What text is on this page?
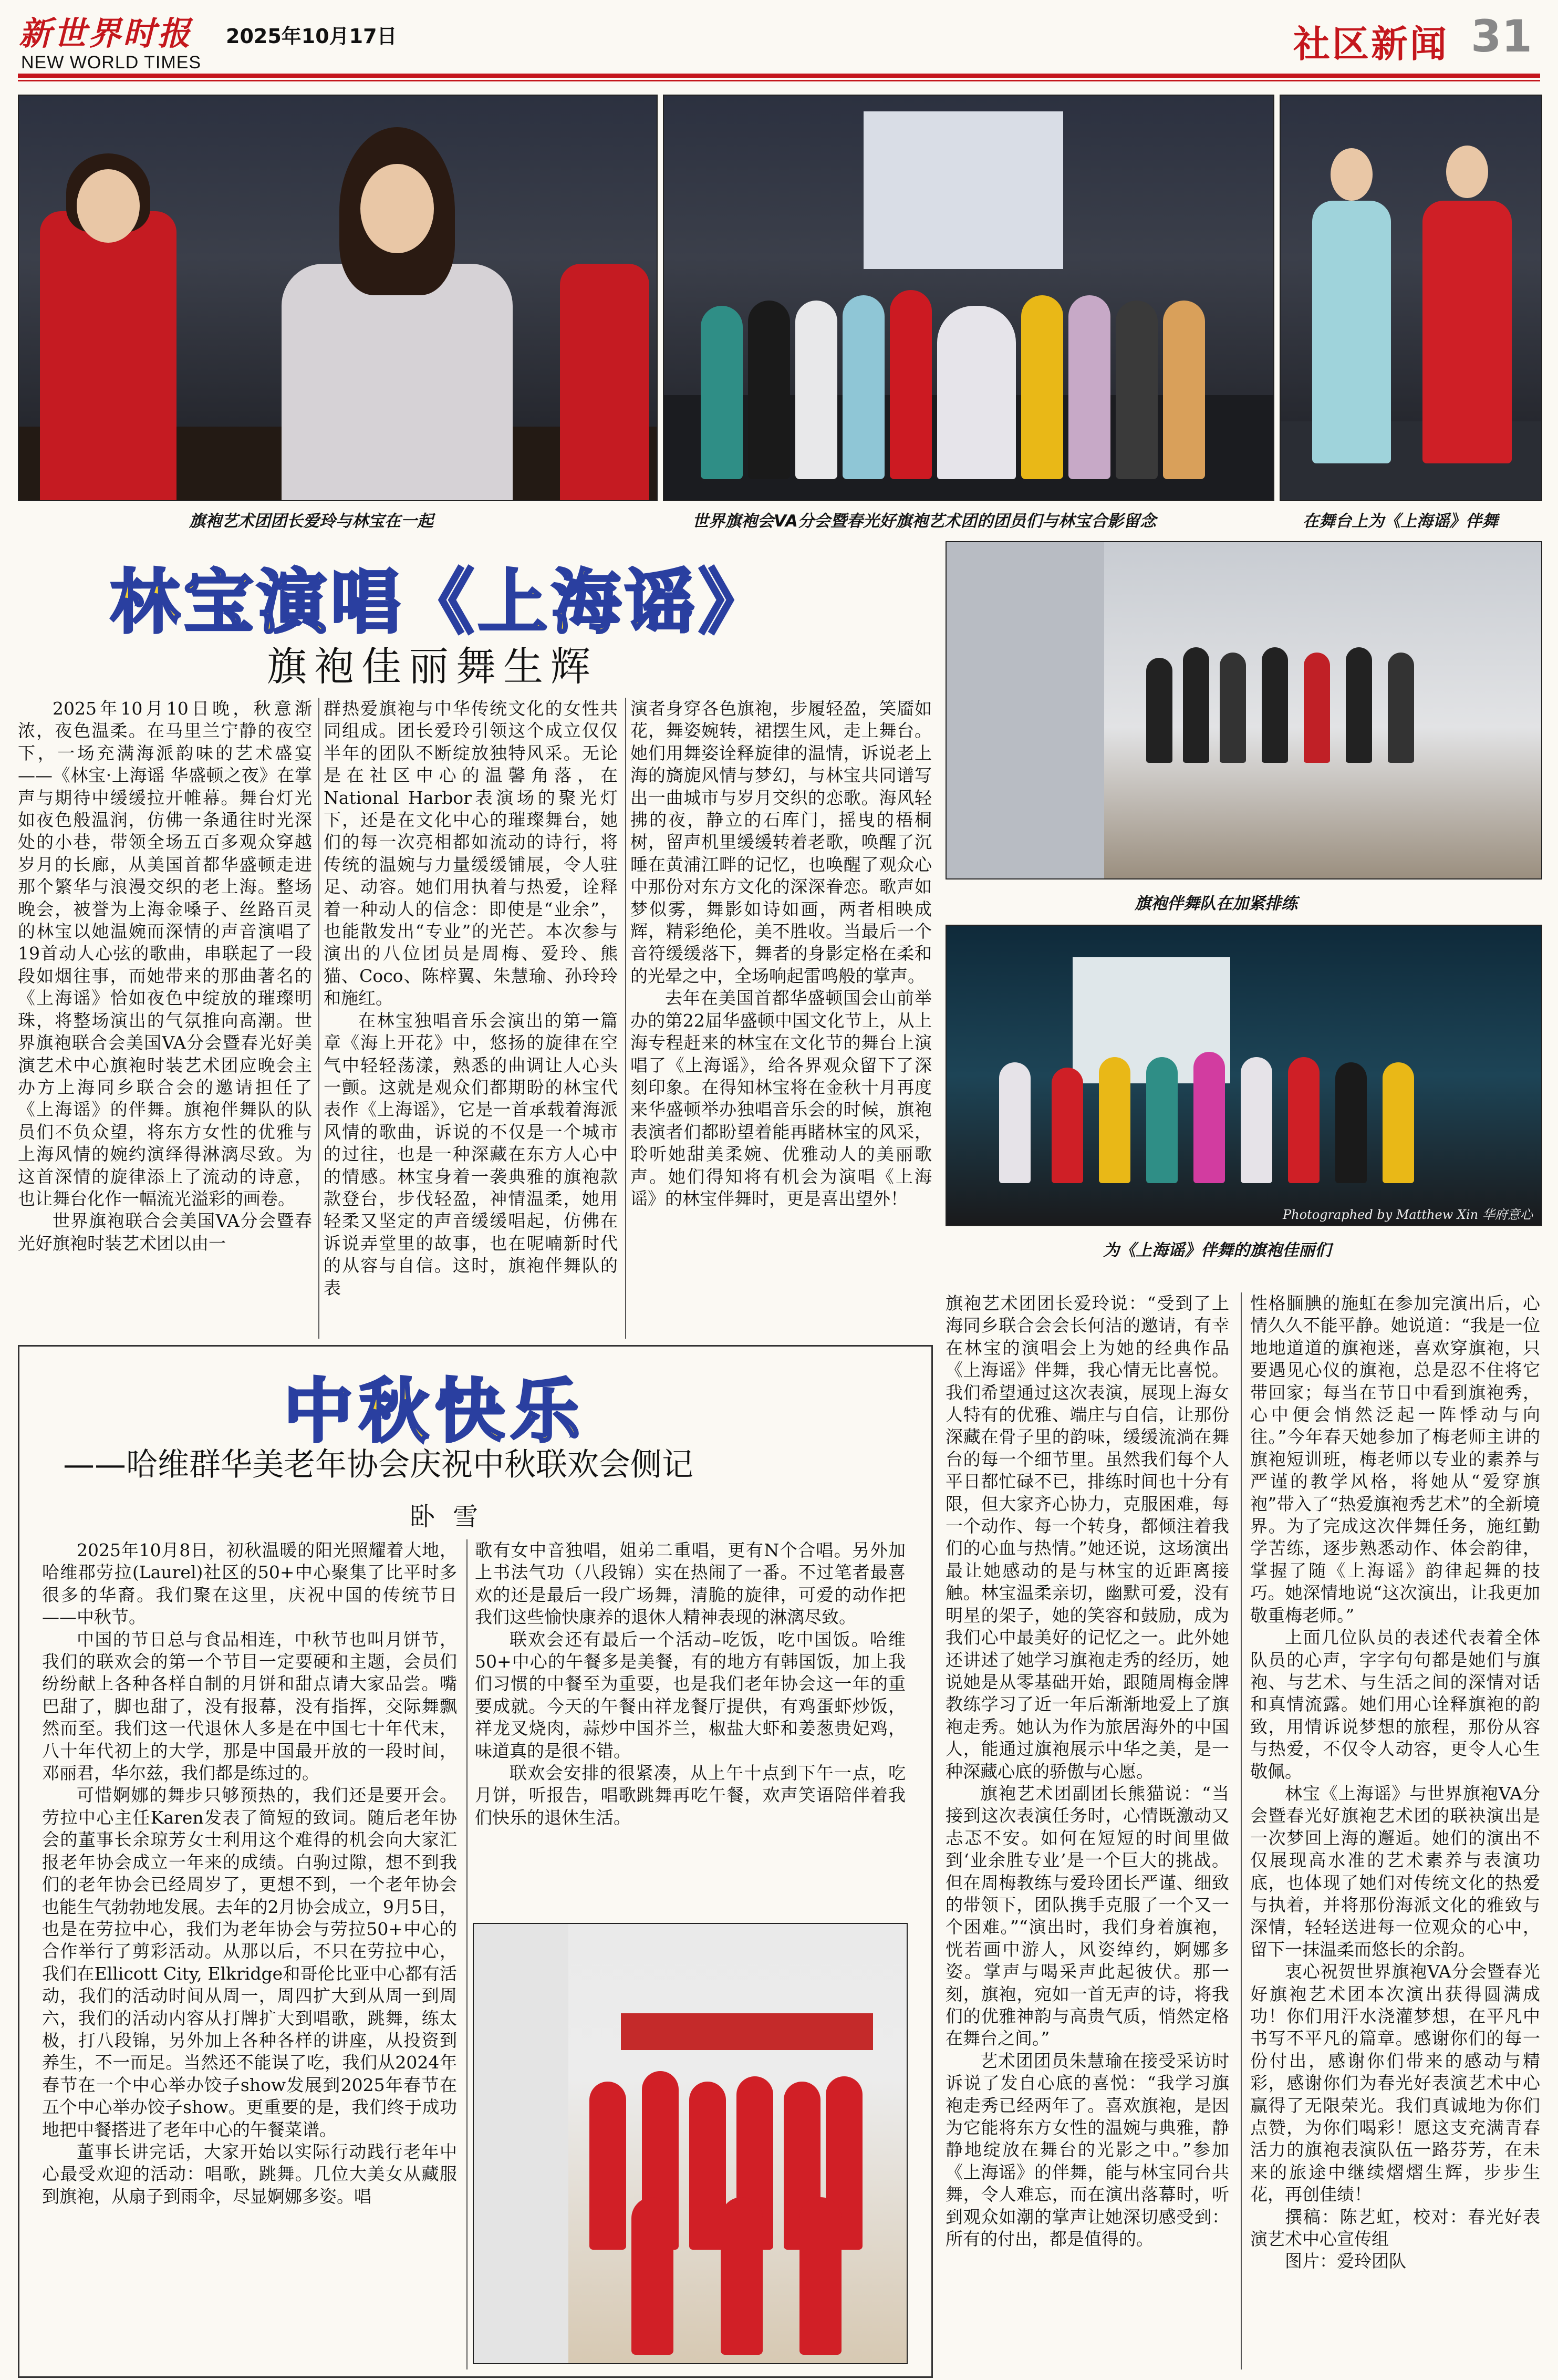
新世界时报 2025年10月17日
NEW WORLD TIMES	社区新闻 31
旗袍艺术团团长爱玲与林宝在一起	世界旗袍会VA分会暨春光好旗袍艺术团的团员们与林宝合影留念	在舞台上为《上海谣》伴舞
林宝演唱《上海谣》
旗袍佳丽舞生辉

2025年10月10日晚，秋意渐浓，夜色温柔。在马里兰宁静的夜空下，一场充满海派韵味的艺术盛宴——《林宝·上海谣 华盛顿之夜》在掌声与期待中缓缓拉开帷幕。舞台灯光如夜色般温润，仿佛一条通往时光深处的小巷，带领全场五百多观众穿越岁月的长廊，从美国首都华盛顿走进那个繁华与浪漫交织的老上海。整场晚会，被誉为上海金嗓子、丝路百灵的林宝以她温婉而深情的声音演唱了19首动人心弦的歌曲，串联起了一段段如烟往事，而她带来的那曲著名的《上海谣》恰如夜色中绽放的璀璨明珠，将整场演出的气氛推向高潮。世界旗袍联合会美国VA分会暨春光好美演艺术中心旗袍时装艺术团应晚会主办方上海同乡联合会的邀请担任了《上海谣》的伴舞。旗袍伴舞队的队员们不负众望，将东方女性的优雅与上海风情的婉约演绎得淋漓尽致。为这首深情的旋律添上了流动的诗意，也让舞台化作一幅流光溢彩的画卷。

世界旗袍联合会美国VA分会暨春光好旗袍时装艺术团以由一

群热爱旗袍与中华传统文化的女性共同组成。团长爱玲引领这个成立仅仅半年的团队不断绽放独特风采。无论是在社区中心的温馨角落，在National Harbor表演场的聚光灯下，还是在文化中心的璀璨舞台，她们的每一次亮相都如流动的诗行，将传统的温婉与力量缓缓铺展，令人驻足、动容。她们用执着与热爱，诠释着一种动人的信念：即使是“业余”，也能散发出“专业”的光芒。本次参与演出的八位团员是周梅、爱玲、熊猫、Coco、陈梓翼、朱慧瑜、孙玲玲和施红。

在林宝独唱音乐会演出的第一篇章《海上开花》中，悠扬的旋律在空气中轻轻荡漾，熟悉的曲调让人心头一颤。这就是观众们都期盼的林宝代表作《上海谣》，它是一首承载着海派风情的歌曲，诉说的不仅是一个城市的过往，也是一种深藏在东方人心中的情感。林宝身着一袭典雅的旗袍款款登台，步伐轻盈，神情温柔，她用轻柔又坚定的声音缓缓唱起，仿佛在诉说弄堂里的故事，也在呢喃新时代的从容与自信。这时，旗袍伴舞队的表

演者身穿各色旗袍，步履轻盈，笑靥如花，舞姿婉转，裙摆生风，走上舞台。她们用舞姿诠释旋律的温情，诉说老上海的旖旎风情与梦幻，与林宝共同谱写出一曲城市与岁月交织的恋歌。海风轻拂的夜，静立的石库门，摇曳的梧桐树，留声机里缓缓转着老歌，唤醒了沉睡在黄浦江畔的记忆，也唤醒了观众心中那份对东方文化的深深眷恋。歌声如梦似雾，舞影如诗如画，两者相映成辉，精彩绝伦，美不胜收。当最后一个音符缓缓落下，舞者的身影定格在柔和的光晕之中，全场响起雷鸣般的掌声。

去年在美国首都华盛顿国会山前举办的第22届华盛顿中国文化节上，从上海专程赶来的林宝在文化节的舞台上演唱了《上海谣》，给各界观众留下了深刻印象。在得知林宝将在金秋十月再度来华盛顿举办独唱音乐会的时候，旗袍表演者们都盼望着能再睹林宝的风采，聆听她甜美柔婉、优雅动人的美丽歌声。她们得知将有机会为演唱《上海谣》的林宝伴舞时，更是喜出望外！

旗袍伴舞队在加紧排练
Photographed by Matthew Xin 华府意心
为《上海谣》伴舞的旗袍佳丽们

旗袍艺术团团长爱玲说：“受到了上海同乡联合会会长何洁的邀请，有幸在林宝的演唱会上为她的经典作品《上海谣》伴舞，我心情无比喜悦。我们希望通过这次表演，展现上海女人特有的优雅、端庄与自信，让那份深藏在骨子里的韵味，缓缓流淌在舞台的每一个细节里。虽然我们每个人平日都忙碌不已，排练时间也十分有限，但大家齐心协力，克服困难，每一个动作、每一个转身，都倾注着我们的心血与热情。”她还说，这场演出最让她感动的是与林宝的近距离接触。林宝温柔亲切，幽默可爱，没有明星的架子，她的笑容和鼓励，成为我们心中最美好的记忆之一。此外她还讲述了她学习旗袍走秀的经历，她说她是从零基础开始，跟随周梅金牌教练学习了近一年后渐渐地爱上了旗袍走秀。她认为作为旅居海外的中国人，能通过旗袍展示中华之美，是一种深藏心底的骄傲与心愿。

旗袍艺术团副团长熊猫说：“当接到这次表演任务时，心情既激动又忐忑不安。如何在短短的时间里做到‘业余胜专业’是一个巨大的挑战。但在周梅教练与爱玲团长严谨、细致的带领下，团队携手克服了一个又一个困难。”“演出时，我们身着旗袍，恍若画中游人，风姿绰约，婀娜多姿。掌声与喝采声此起彼伏。那一刻，旗袍，宛如一首无声的诗，将我们的优雅神韵与高贵气质，悄然定格在舞台之间。”

艺术团团员朱慧瑜在接受采访时诉说了发自心底的喜悦：“我学习旗袍走秀已经两年了。喜欢旗袍，是因为它能将东方女性的温婉与典雅，静静地绽放在舞台的光影之中。”参加《上海谣》的伴舞，能与林宝同台共舞，令人难忘，而在演出落幕时，听到观众如潮的掌声让她深切感受到：所有的付出，都是值得的。

性格腼腆的施虹在参加完演出后，心情久久不能平静。她说道：“我是一位地地道道的旗袍迷，喜欢穿旗袍，只要遇见心仪的旗袍，总是忍不住将它带回家；每当在节日中看到旗袍秀，心中便会悄然泛起一阵悸动与向往。”今年春天她参加了梅老师主讲的旗袍短训班，梅老师以专业的素养与严谨的教学风格，将她从“爱穿旗袍”带入了“热爱旗袍秀艺术”的全新境界。为了完成这次伴舞任务，施红勤学苦练，逐步熟悉动作、体会韵律，掌握了随《上海谣》韵律起舞的技巧。她深情地说“这次演出，让我更加敬重梅老师。”

上面几位队员的表述代表着全体队员的心声，字字句句都是她们与旗袍、与艺术、与生活之间的深情对话和真情流露。她们用心诠释旗袍的韵致，用情诉说梦想的旅程，那份从容与热爱，不仅令人动容，更令人心生敬佩。

林宝《上海谣》与世界旗袍VA分会暨春光好旗袍艺术团的联袂演出是一次梦回上海的邂逅。她们的演出不仅展现高水准的艺术素养与表演功底，也体现了她们对传统文化的热爱与执着，并将那份海派文化的雅致与深情，轻轻送进每一位观众的心中，留下一抹温柔而悠长的余韵。

衷心祝贺世界旗袍VA分会暨春光好旗袍艺术团本次演出获得圆满成功！你们用汗水浇灌梦想，在平凡中书写不平凡的篇章。感谢你们的每一份付出，感谢你们带来的感动与精彩，感谢你们为春光好表演艺术中心赢得了无限荣光。我们真诚地为你们点赞，为你们喝彩！愿这支充满青春活力的旗袍表演队伍一路芬芳，在未来的旅途中继续熠熠生辉，步步生花，再创佳绩！

撰稿：陈艺虹，校对：春光好表演艺术中心宣传组

图片：爱玲团队

中秋快乐
——哈维群华美老年协会庆祝中秋联欢会侧记
卧雪

2025年10月8日，初秋温暖的阳光照耀着大地，哈维郡劳拉(Laurel)社区的50+中心聚集了比平时多很多的华裔。我们聚在这里，庆祝中国的传统节日——中秋节。

中国的节日总与食品相连，中秋节也叫月饼节，我们的联欢会的第一个节目一定要硬和主题，会员们纷纷献上各种各样自制的月饼和甜点请大家品尝。嘴巴甜了，脚也甜了，没有报幕，没有指挥，交际舞飘然而至。我们这一代退休人多是在中国七十年代末，八十年代初上的大学，那是中国最开放的一段时间，邓丽君，华尔兹，我们都是练过的。

可惜婀娜的舞步只够预热的，我们还是要开会。劳拉中心主任Karen发表了简短的致词。随后老年协会的董事长余琼芳女士利用这个难得的机会向大家汇报老年协会成立一年来的成绩。白驹过隙，想不到我们的老年协会已经周岁了，更想不到，一个老年协会也能生气勃勃地发展。去年的2月协会成立，9月5日，也是在劳拉中心，我们为老年协会与劳拉50+中心的合作举行了剪彩活动。从那以后，不只在劳拉中心，我们在Ellicott City, Elkridge和哥伦比亚中心都有活动，我们的活动时间从周一，周四扩大到从周一到周六，我们的活动内容从打牌扩大到唱歌，跳舞，练太极，打八段锦，另外加上各种各样的讲座，从投资到养生，不一而足。当然还不能误了吃，我们从2024年春节在一个中心举办饺子show发展到2025年春节在五个中心举办饺子show。更重要的是，我们终于成功地把中餐搭进了老年中心的午餐菜谱。

董事长讲完话，大家开始以实际行动践行老年中心最受欢迎的活动：唱歌，跳舞。几位大美女从藏服到旗袍，从扇子到雨伞，尽显婀娜多姿。唱

歌有女中音独唱，姐弟二重唱，更有N个合唱。另外加上书法气功（八段锦）实在热闹了一番。不过笔者最喜欢的还是最后一段广场舞，清脆的旋律，可爱的动作把我们这些愉快康养的退休人精神表现的淋漓尽致。

联欢会还有最后一个活动–吃饭，吃中国饭。哈维50+中心的午餐多是美餐，有的地方有韩国饭，加上我们习惯的中餐至为重要，也是我们老年协会这一年的重要成就。今天的午餐由祥龙餐厅提供，有鸡蛋虾炒饭，祥龙叉烧肉，蒜炒中国芥兰，椒盐大虾和姜葱贵妃鸡，味道真的是很不错。

联欢会安排的很紧凑，从上午十点到下午一点，吃月饼，听报告，唱歌跳舞再吃午餐，欢声笑语陪伴着我们快乐的退休生活。
